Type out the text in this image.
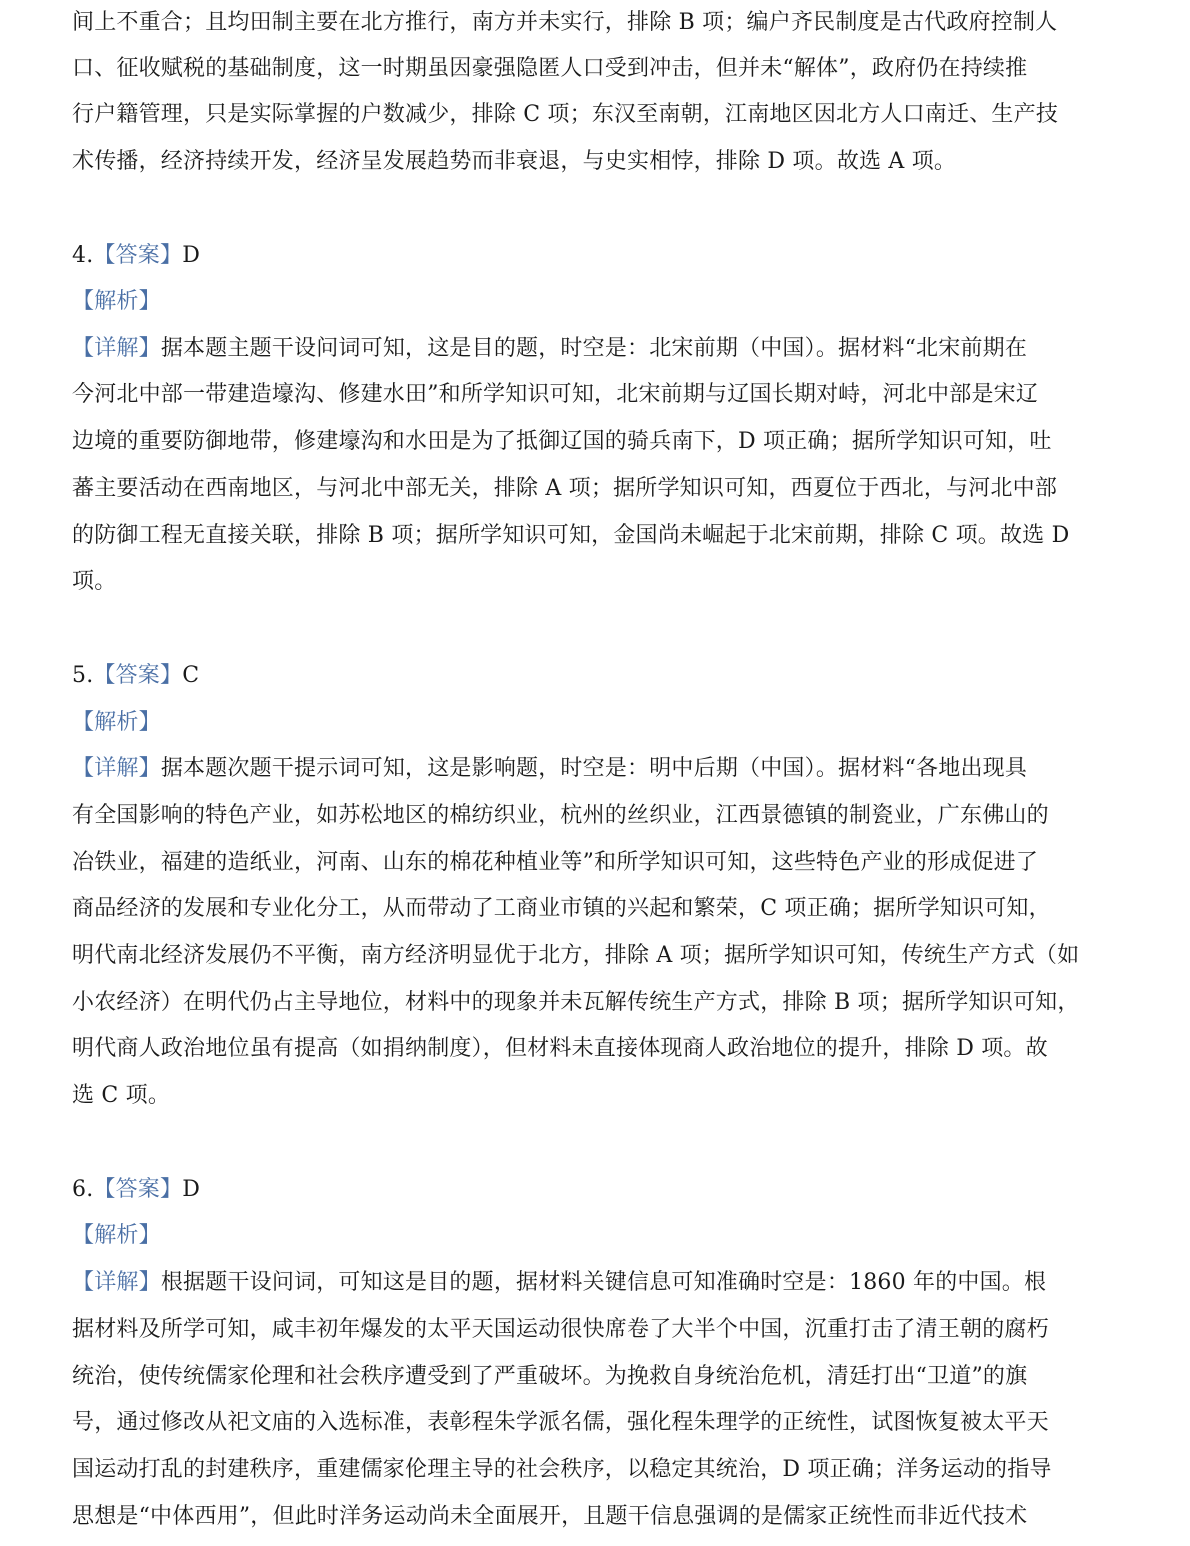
间上不重合；且均田制主要在北方推行，南方并未实行，排除 B 项；编户齐民制度是古代政府控制人
口、征收赋税的基础制度，这一时期虽因豪强隐匿人口受到冲击，但并未“解体”，政府仍在持续推
行户籍管理，只是实际掌握的户数减少，排除 C 项；东汉至南朝，江南地区因北方人口南迁、生产技
术传播，经济持续开发，经济呈发展趋势而非衰退，与史实相悖，排除 D 项。故选 A 项。
4.【答案】D
【解析】
【详解】据本题主题干设问词可知，这是目的题，时空是：北宋前期（中国）。据材料“北宋前期在
今河北中部一带建造壕沟、修建水田”和所学知识可知，北宋前期与辽国长期对峙，河北中部是宋辽
边境的重要防御地带，修建壕沟和水田是为了抵御辽国的骑兵南下，D 项正确；据所学知识可知，吐
蕃主要活动在西南地区，与河北中部无关，排除 A 项；据所学知识可知，西夏位于西北，与河北中部
的防御工程无直接关联，排除 B 项；据所学知识可知，金国尚未崛起于北宋前期，排除 C 项。故选 D
项。
5.【答案】C
【解析】
【详解】据本题次题干提示词可知，这是影响题，时空是：明中后期（中国）。据材料“各地出现具
有全国影响的特色产业，如苏松地区的棉纺织业，杭州的丝织业，江西景德镇的制瓷业，广东佛山的
冶铁业，福建的造纸业，河南、山东的棉花种植业等”和所学知识可知，这些特色产业的形成促进了
商品经济的发展和专业化分工，从而带动了工商业市镇的兴起和繁荣，C 项正确；据所学知识可知，
明代南北经济发展仍不平衡，南方经济明显优于北方，排除 A 项；据所学知识可知，传统生产方式（如
小农经济）在明代仍占主导地位，材料中的现象并未瓦解传统生产方式，排除 B 项；据所学知识可知，
明代商人政治地位虽有提高（如捐纳制度），但材料未直接体现商人政治地位的提升，排除 D 项。故
选 C 项。
6.【答案】D
【解析】
【详解】根据题干设问词，可知这是目的题，据材料关键信息可知准确时空是：1860 年的中国。根
据材料及所学可知，咸丰初年爆发的太平天国运动很快席卷了大半个中国，沉重打击了清王朝的腐朽
统治，使传统儒家伦理和社会秩序遭受到了严重破坏。为挽救自身统治危机，清廷打出“卫道”的旗
号，通过修改从祀文庙的入选标准，表彰程朱学派名儒，强化程朱理学的正统性，试图恢复被太平天
国运动打乱的封建秩序，重建儒家伦理主导的社会秩序，以稳定其统治，D 项正确；洋务运动的指导
思想是“中体西用”，但此时洋务运动尚未全面展开，且题干信息强调的是儒家正统性而非近代技术
